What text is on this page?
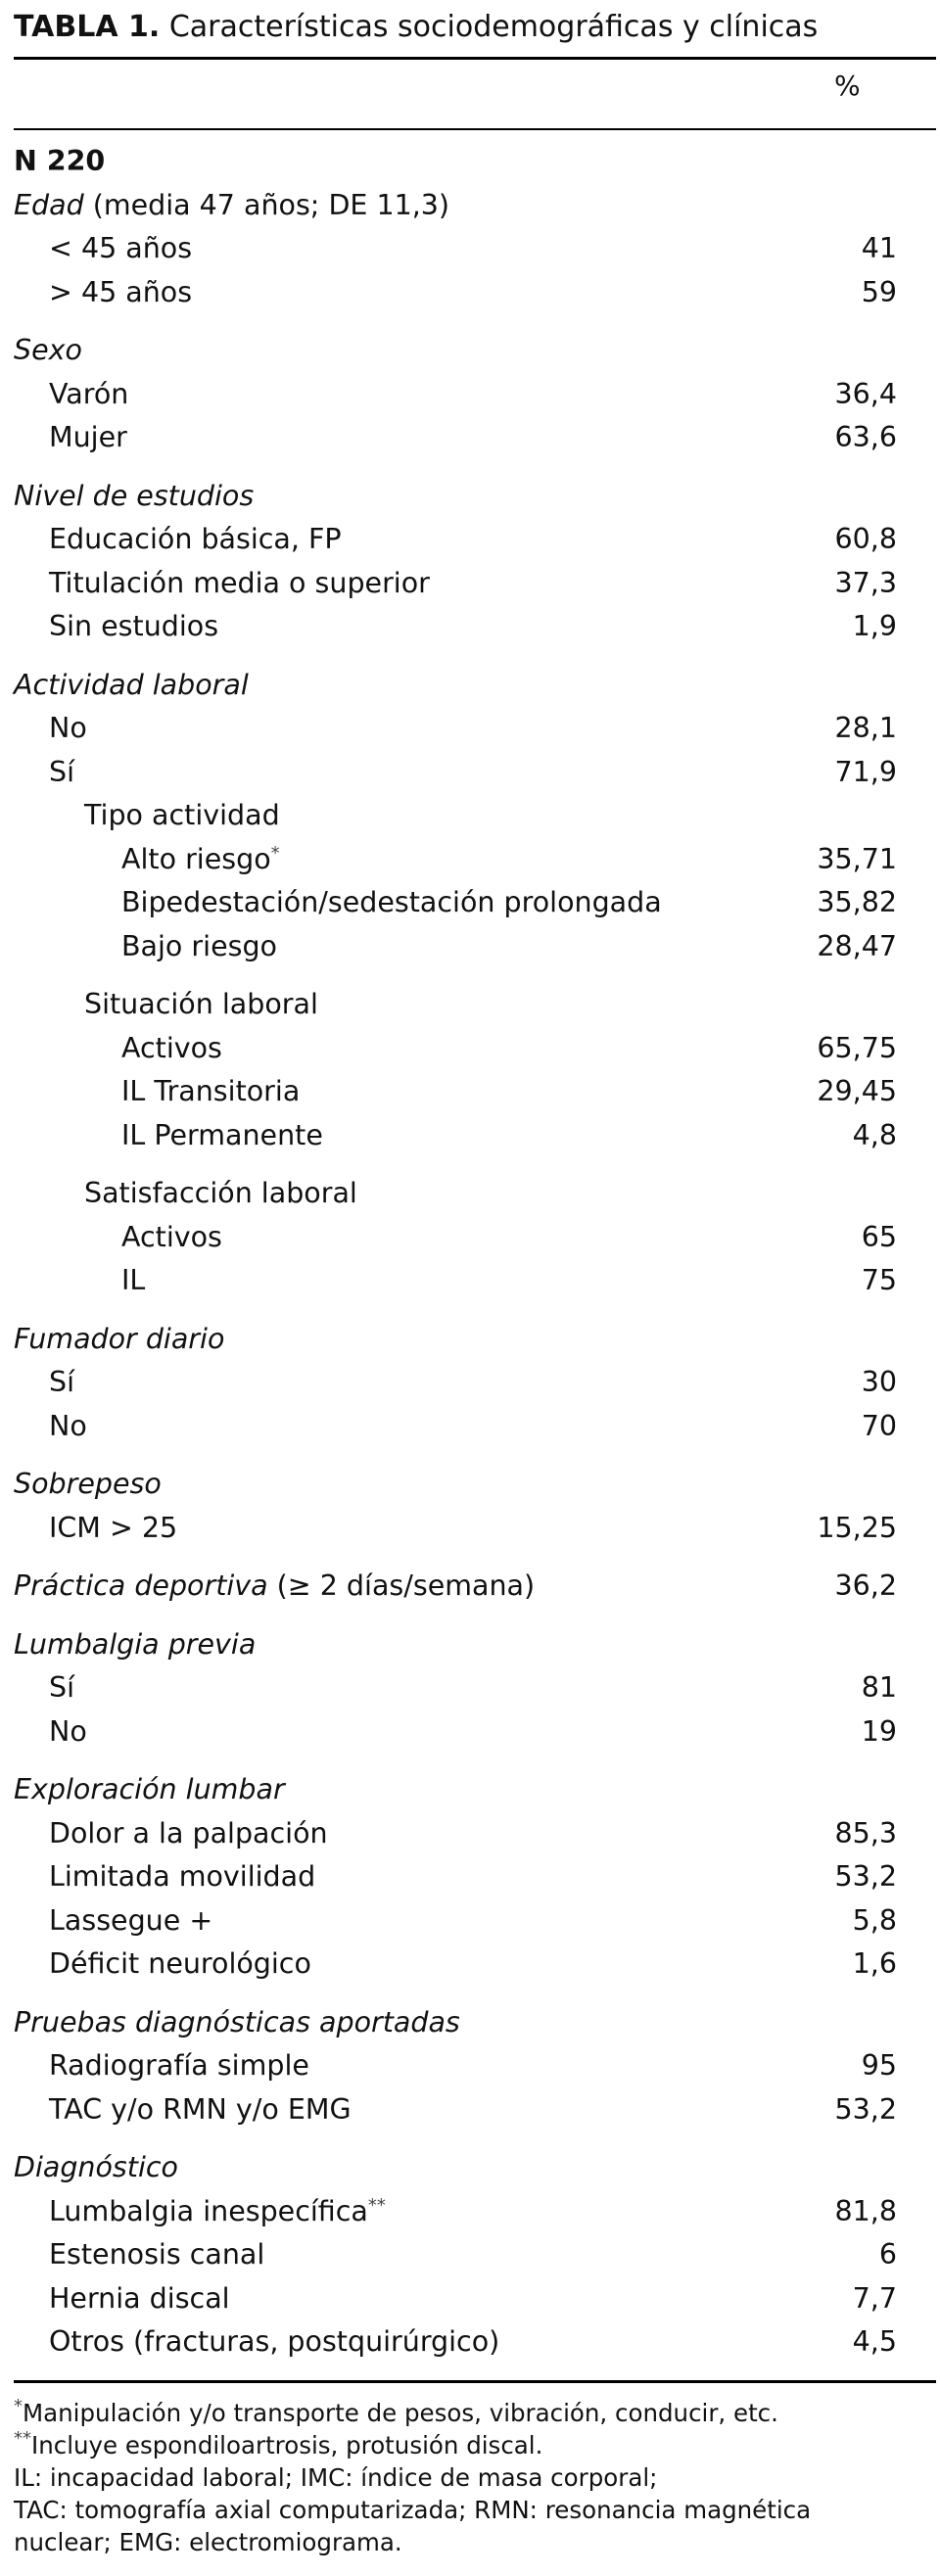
TABLA 1. Características sociodemográficas y clínicas
%
N 220
Edad (media 47 años; DE 11,3)
< 45 años	41
> 45 años	59
Sexo
Varón	36,4
Mujer	63,6
Nivel de estudios
Educación básica, FP	60,8
Titulación media o superior	37,3
Sin estudios	1,9
Actividad laboral
No	28,1
Sí	71,9
Tipo actividad
Alto riesgo*	35,71
Bipedestación/sedestación prolongada	35,82
Bajo riesgo	28,47
Situación laboral
Activos	65,75
IL Transitoria	29,45
IL Permanente	4,8
Satisfacción laboral
Activos	65
IL	75
Fumador diario
Sí	30
No	70
Sobrepeso
ICM > 25	15,25
Práctica deportiva (≥ 2 días/semana)	36,2
Lumbalgia previa
Sí	81
No	19
Exploración lumbar
Dolor a la palpación	85,3
Limitada movilidad	53,2
Lassegue +	5,8
Déficit neurológico	1,6
Pruebas diagnósticas aportadas
Radiografía simple	95
TAC y/o RMN y/o EMG	53,2
Diagnóstico
Lumbalgia inespecífica**	81,8
Estenosis canal	6
Hernia discal	7,7
Otros (fracturas, postquirúrgico)	4,5
*Manipulación y/o transporte de pesos, vibración, conducir, etc.
**Incluye espondiloartrosis, protusión discal.
IL: incapacidad laboral; IMC: índice de masa corporal;
TAC: tomografía axial computarizada; RMN: resonancia magnética
nuclear; EMG: electromiograma.
